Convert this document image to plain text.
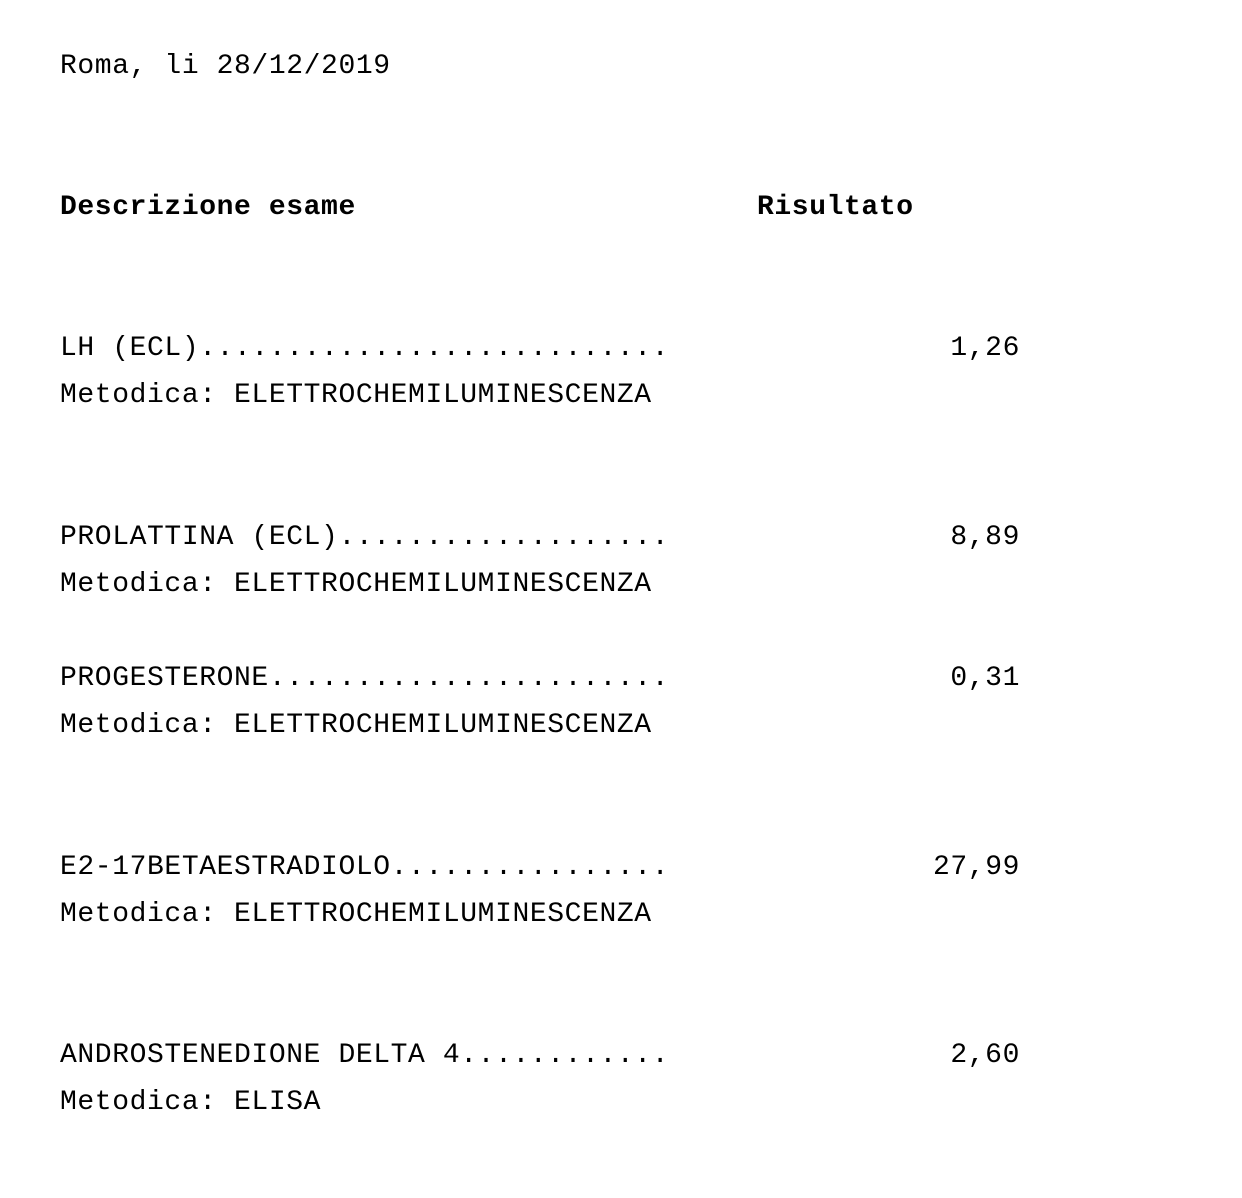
Roma, li 28/12/2019
Descrizione esame	Risultato
LH (ECL)...........................	1,26
Metodica: ELETTROCHEMILUMINESCENZA
PROLATTINA (ECL)...................	8,89
Metodica: ELETTROCHEMILUMINESCENZA
PROGESTERONE.......................	0,31
Metodica: ELETTROCHEMILUMINESCENZA
E2-17BETAESTRADIOLO................	27,99
Metodica: ELETTROCHEMILUMINESCENZA
ANDROSTENEDIONE DELTA 4............	2,60
Metodica: ELISA
